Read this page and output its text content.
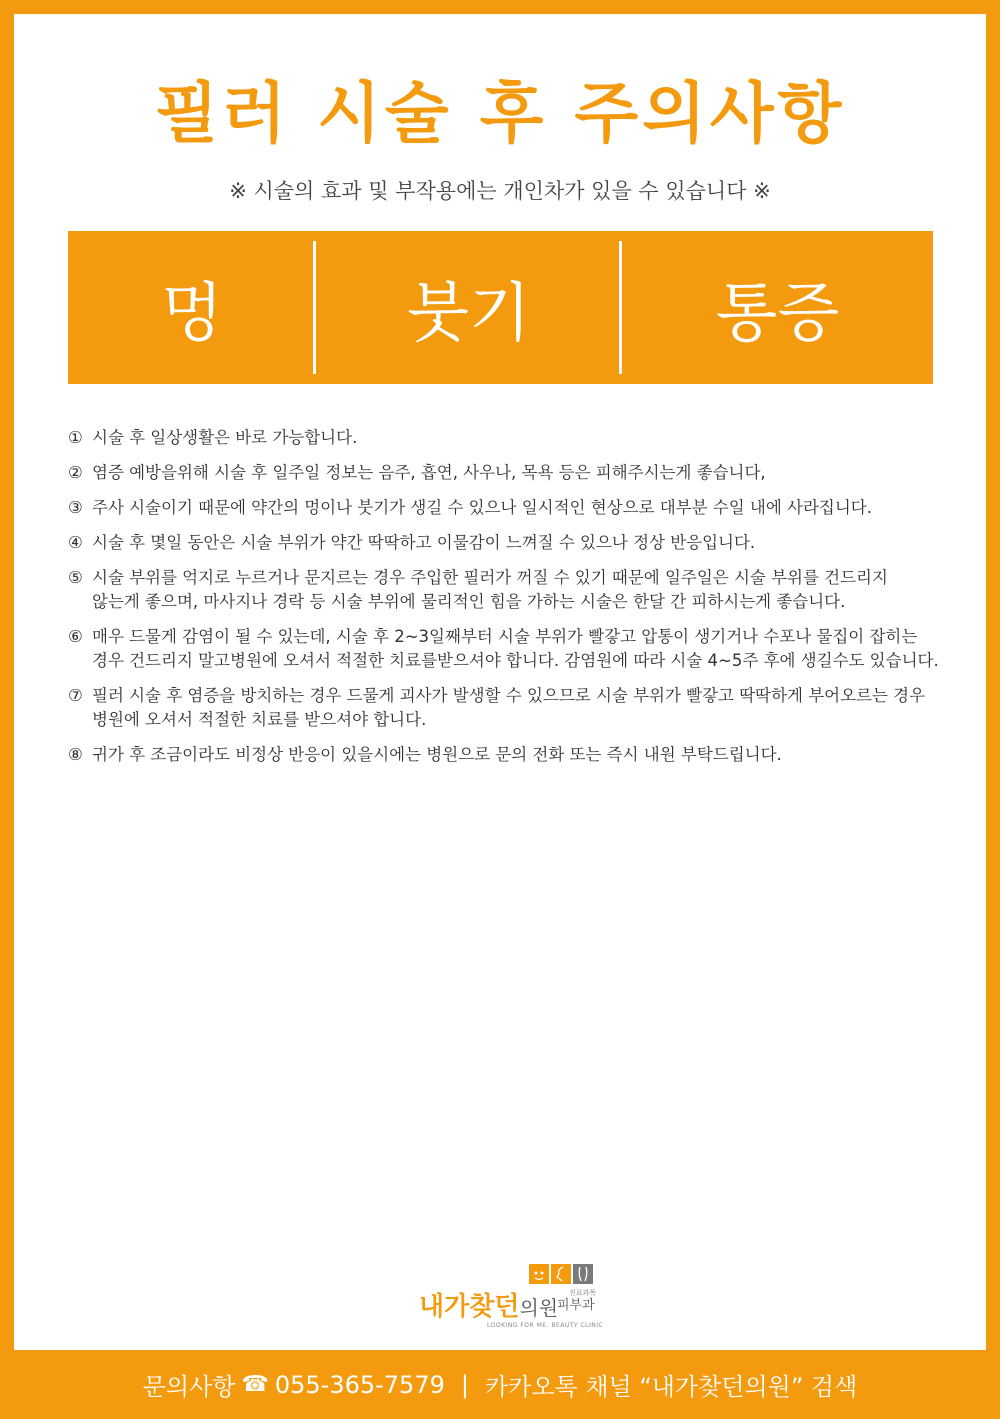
필러 시술 후 주의사항
※ 시술의 효과 및 부작용에는 개인차가 있을 수 있습니다 ※
멍	붓기	통증
① 시술 후 일상생활은 바로 가능합니다.
② 염증 예방을위해 시술 후 일주일 정보는 음주, 흡연, 사우나, 목욕 등은 피해주시는게 좋습니다,
③ 주사 시술이기 때문에 약간의 멍이나 붓기가 생길 수 있으나 일시적인 현상으로 대부분 수일 내에 사라집니다.
④ 시술 후 몇일 동안은 시술 부위가 약간 딱딱하고 이물감이 느껴질 수 있으나 정상 반응입니다.
⑤ 시술 부위를 억지로 누르거나 문지르는 경우 주입한 필러가 꺼질 수 있기 때문에 일주일은 시술 부위를 건드리지
않는게 좋으며, 마사지나 경락 등 시술 부위에 물리적인 힘을 가하는 시술은 한달 간 피하시는게 좋습니다.
⑥ 매우 드물게 감염이 될 수 있는데, 시술 후 2~3일째부터 시술 부위가 빨갛고 압통이 생기거나 수포나 물집이 잡히는
경우 건드리지 말고병원에 오셔서 적절한 치료를받으셔야 합니다. 감염원에 따라 시술 4~5주 후에 생길수도 있습니다.
⑦ 필러 시술 후 염증을 방치하는 경우 드물게 괴사가 발생할 수 있으므로 시술 부위가 빨갛고 딱딱하게 부어오르는 경우
병원에 오셔서 적절한 치료를 받으셔야 합니다.
⑧ 귀가 후 조금이라도 비정상 반응이 있을시에는 병원으로 문의 전화 또는 즉시 내원 부탁드립니다.
내가찾던의원
진료과목
피부과
LOOKING FOR ME. BEAUTY CLINIC
문의사항 ☎ 055-365-7579 | 카카오톡 채널 “내가찾던의원” 검색
